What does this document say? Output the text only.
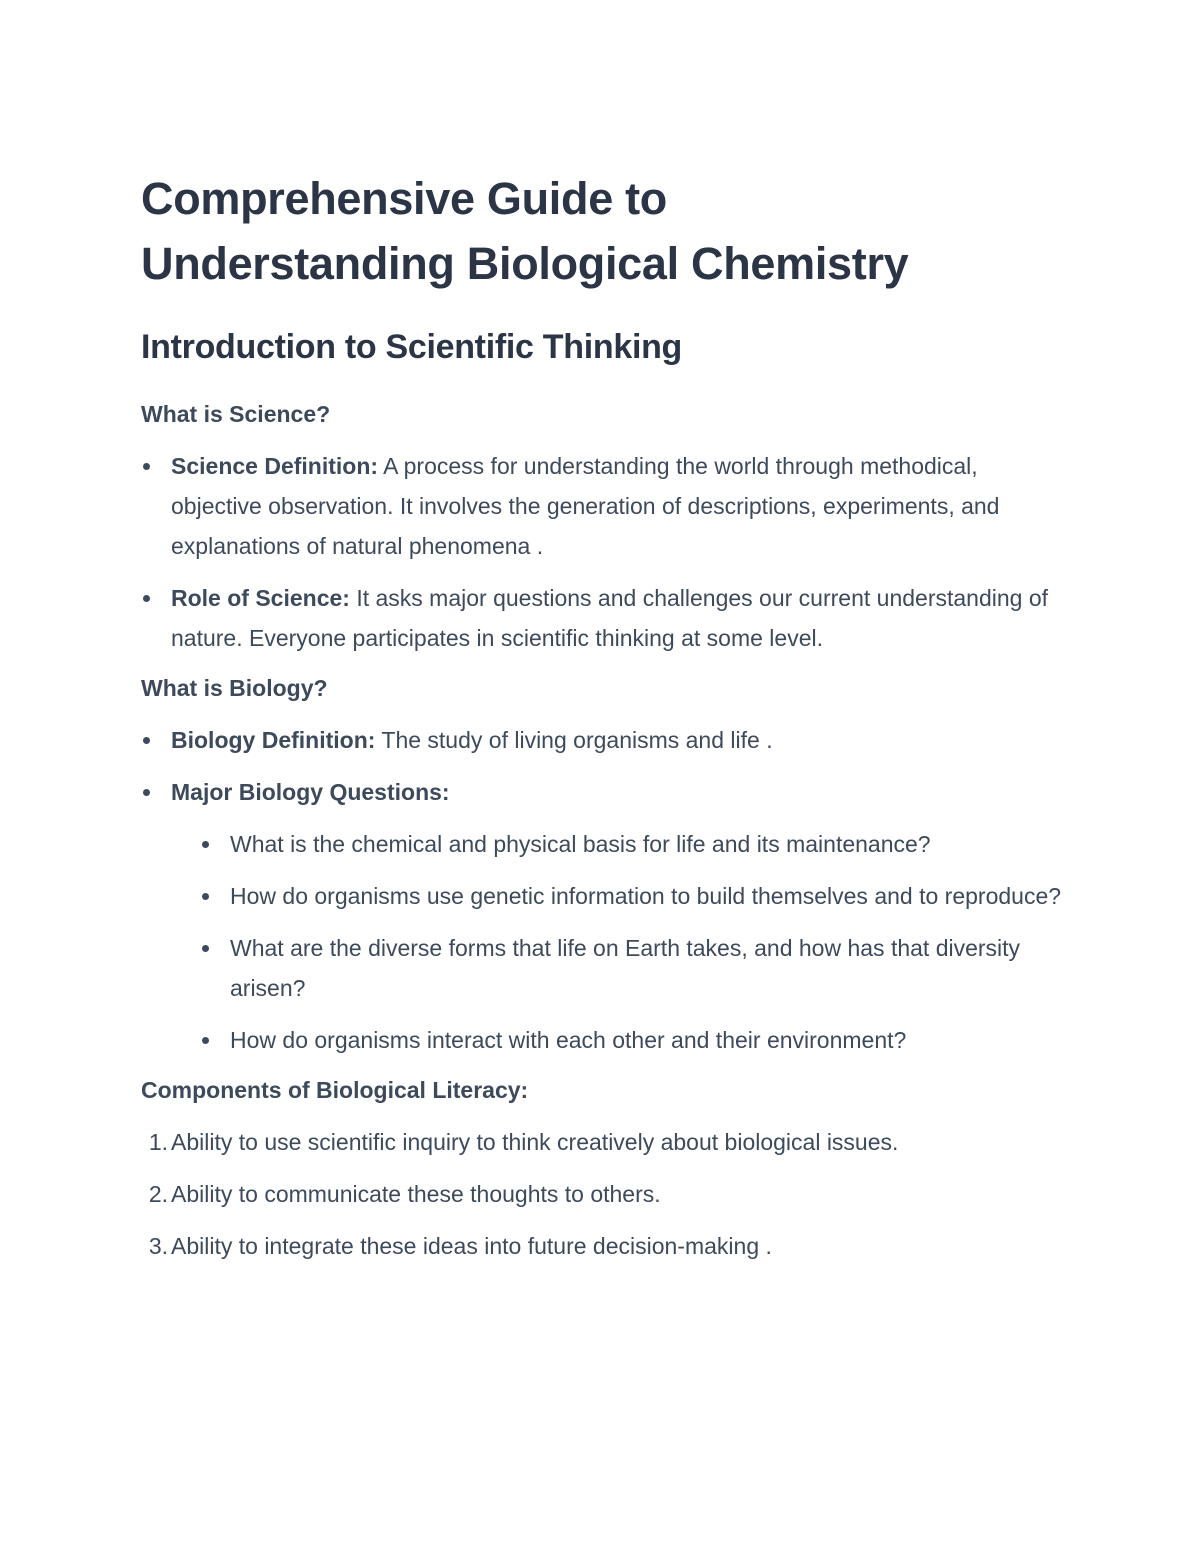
Comprehensive Guide to
Understanding Biological Chemistry
Introduction to Scientific Thinking
What is Science?
Science Definition: A process for understanding the world through methodical, objective observation. It involves the generation of descriptions, experiments, and explanations of natural phenomena .
Role of Science: It asks major questions and challenges our current understanding of nature. Everyone participates in scientific thinking at some level.
What is Biology?
Biology Definition: The study of living organisms and life .
Major Biology Questions:
What is the chemical and physical basis for life and its maintenance?
How do organisms use genetic information to build themselves and to reproduce?
What are the diverse forms that life on Earth takes, and how has that diversity arisen?
How do organisms interact with each other and their environment?
Components of Biological Literacy:
1. Ability to use scientific inquiry to think creatively about biological issues.
2. Ability to communicate these thoughts to others.
3. Ability to integrate these ideas into future decision-making .
